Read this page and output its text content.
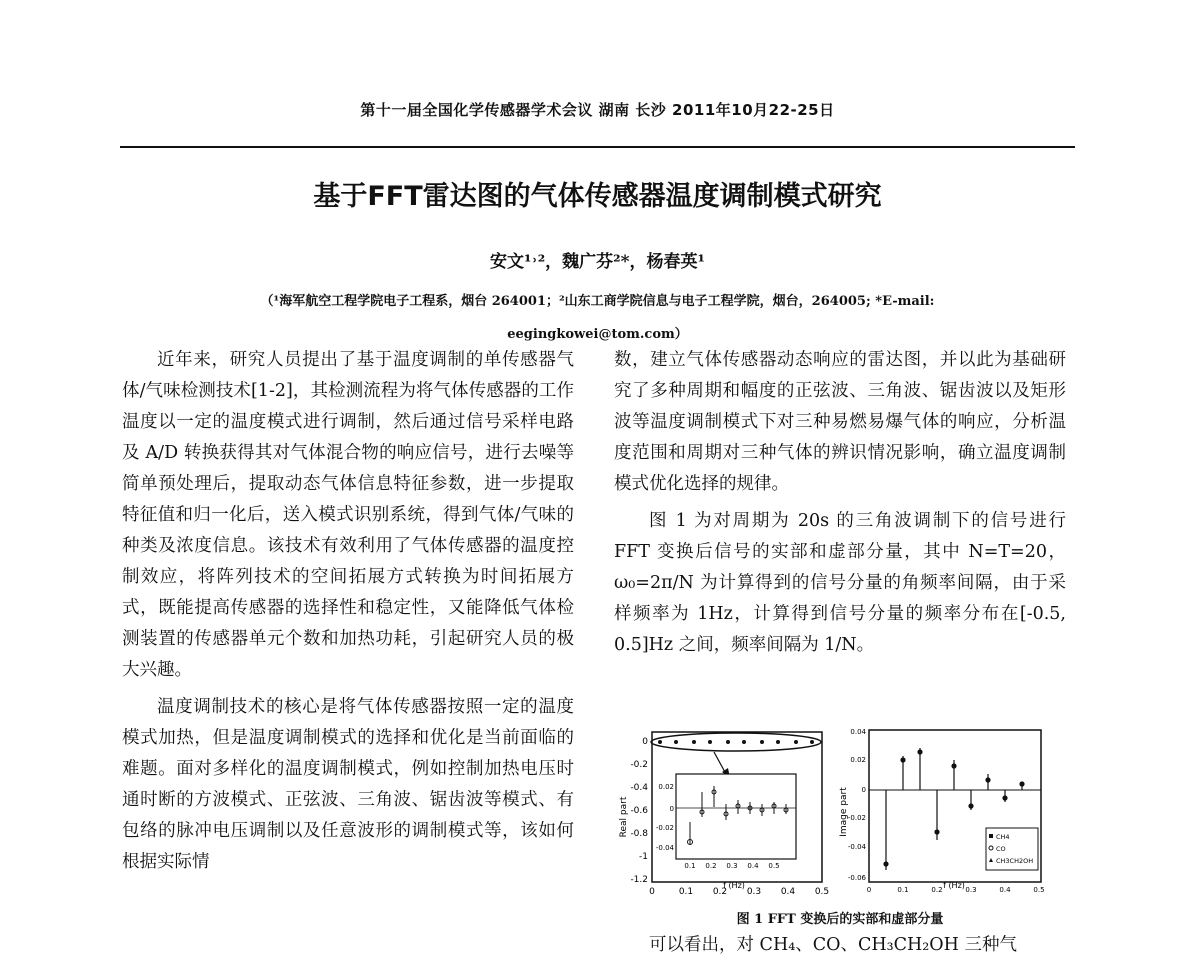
第十一届全国化学传感器学术会议 湖南 长沙 2011年10月22-25日
基于FFT雷达图的气体传感器温度调制模式研究
安文¹˒²，魏广芬²*，杨春英¹
（¹海军航空工程学院电子工程系，烟台 264001；²山东工商学院信息与电子工程学院，烟台，264005; *E-mail:
eegingkowei@tom.com）

近年来，研究人员提出了基于温度调制的单传感器气体/气味检测技术[1-2]，其检测流程为将气体传感器的工作温度以一定的温度模式进行调制，然后通过信号采样电路及 A/D 转换获得其对气体混合物的响应信号，进行去噪等简单预处理后，提取动态气体信息特征参数，进一步提取特征值和归一化后，送入模式识别系统，得到气体/气味的种类及浓度信息。该技术有效利用了气体传感器的温度控制效应，将阵列技术的空间拓展方式转换为时间拓展方式，既能提高传感器的选择性和稳定性，又能降低气体检测装置的传感器单元个数和加热功耗，引起研究人员的极大兴趣。

温度调制技术的核心是将气体传感器按照一定的温度模式加热，但是温度调制模式的选择和优化是当前面临的难题。面对多样化的温度调制模式，例如控制加热电压时通时断的方波模式、正弦波、三角波、锯齿波等模式、有包络的脉冲电压调制以及任意波形的调制模式等，该如何根据实际情

数，建立气体传感器动态响应的雷达图，并以此为基础研究了多种周期和幅度的正弦波、三角波、锯齿波以及矩形波等温度调制模式下对三种易燃易爆气体的响应，分析温度范围和周期对三种气体的辨识情况影响，确立温度调制模式优化选择的规律。

图 1 为对周期为 20s 的三角波调制下的信号进行 FFT 变换后信号的实部和虚部分量，其中 N=T=20，ω₀=2π/N 为计算得到的信号分量的角频率间隔，由于采样频率为 1Hz，计算得到信号分量的频率分布在[-0.5, 0.5]Hz 之间，频率间隔为 1/N。

Real part
0
-0.2
-0.4
-0.6
-0.8
-1
-1.2
0	0.1 0.2 0.3 0.4 0.5
f (Hz)
0.02
0
-0.02
-0.04
0.1 0.2 0.3 0.4 0.5
Image part
0.04
0.02
0
-0.02
-0.04
-0.06
0	0.1	0.2	0.3	0.4	0.5
f (Hz)
CH4
CO
CH3CH2OH
图 1 FFT 变换后的实部和虚部分量
可以看出，对 CH₄、CO、CH₃CH₂OH 三种气
